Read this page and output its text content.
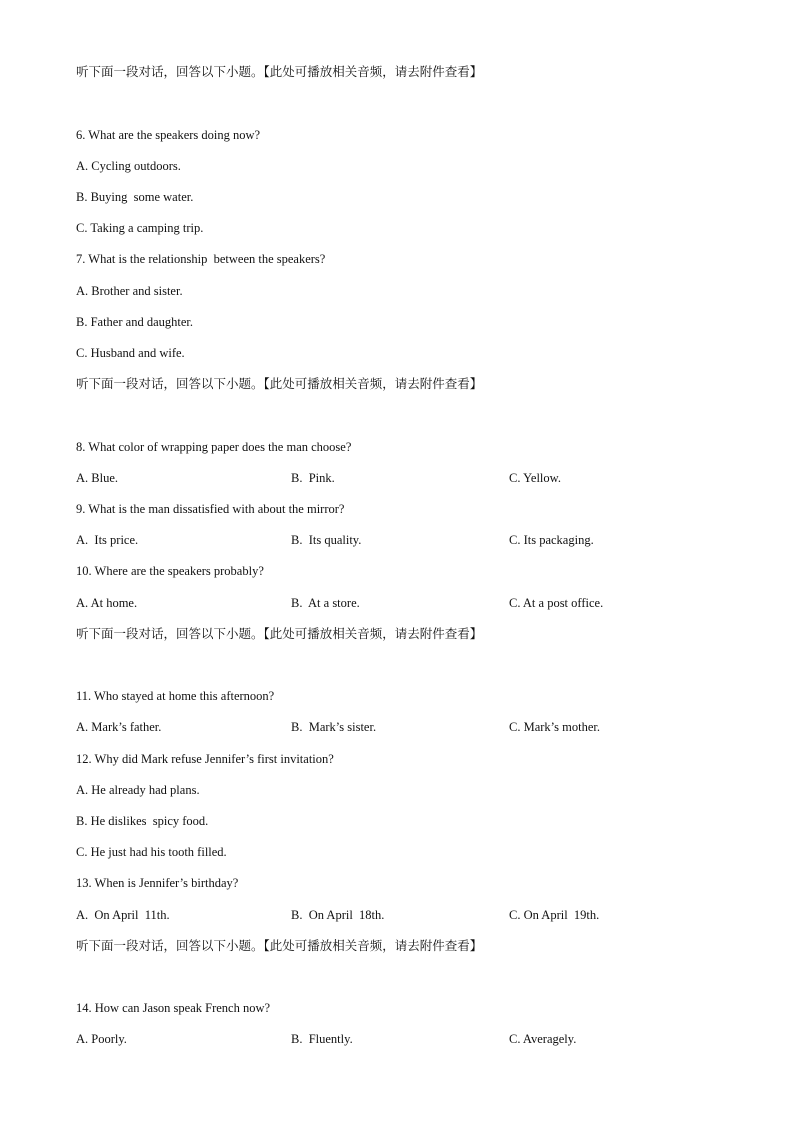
听下面一段对话，回答以下小题。【此处可播放相关音频，请去附件查看】
6. What are the speakers doing now?
A. Cycling outdoors.
B. Buying  some water.
C. Taking a camping trip.
7. What is the relationship  between the speakers?
A. Brother and sister.
B. Father and daughter.
C. Husband and wife.
听下面一段对话，回答以下小题。【此处可播放相关音频，请去附件查看】
8. What color of wrapping paper does the man choose?
A. Blue.	B.  Pink.	C. Yellow.
9. What is the man dissatisfied with about the mirror?
A.  Its price.	B.  Its quality.	C. Its packaging.
10. Where are the speakers probably?
A. At home.	B.  At a store.	C. At a post office.
听下面一段对话，回答以下小题。【此处可播放相关音频，请去附件查看】
11. Who stayed at home this afternoon?
A. Mark’s father.	B.  Mark’s sister.	C. Mark’s mother.
12. Why did Mark refuse Jennifer’s first invitation?
A. He already had plans.
B. He dislikes  spicy food.
C. He just had his tooth filled.
13. When is Jennifer’s birthday?
A.  On April  11th.	B.  On April  18th.	C. On April  19th.
听下面一段对话，回答以下小题。【此处可播放相关音频，请去附件查看】
14. How can Jason speak French now?
A. Poorly.	B.  Fluently.	C. Averagely.
